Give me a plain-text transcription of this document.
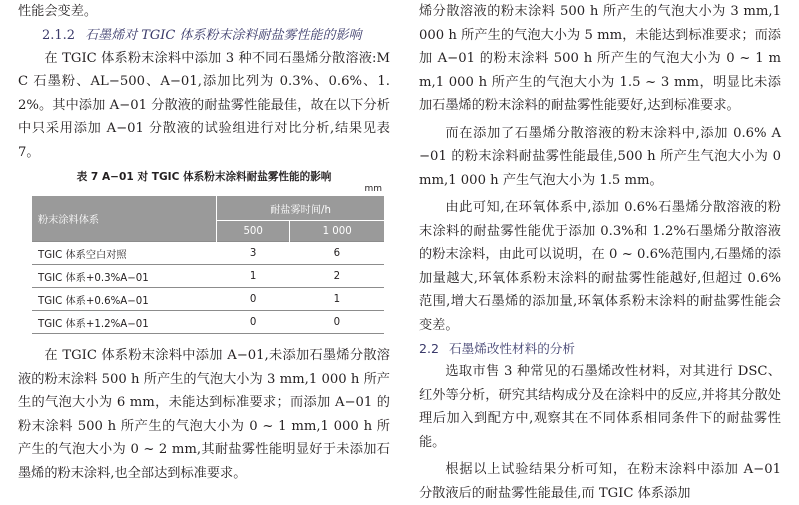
性能会变差。

2.1.2 石墨烯对 TGIC 体系粉末涂料耐盐雾性能的影响

在 TGIC 体系粉末涂料中添加 3 种不同石墨烯分散溶液:MC 石墨粉、AL−500、A−01,添加比列为 0.3%、0.6%、1.2%。其中添加 A−01 分散液的耐盐雾性能最佳，故在以下分析中只采用添加 A−01 分散液的试验组进行对比分析,结果见表 7。

表 7 A−01 对 TGIC 体系粉末涂料耐盐雾性能的影响

mm
粉末涂料体系	耐盐雾时间/h	
	500	1 000
TGIC 体系空白对照	3	6
TGIC 体系+0.3%A−01	1	2
TGIC 体系+0.6%A−01	0	1
TGIC 体系+1.2%A−01	0	0

在 TGIC 体系粉末涂料中添加 A−01,未添加石墨烯分散溶液的粉末涂料 500 h 所产生的气泡大小为 3 mm,1 000 h 所产生的气泡大小为 6 mm，未能达到标准要求；而添加 A−01 的粉末涂料 500 h 所产生的气泡大小为 0 ~ 1 mm,1 000 h 所产生的气泡大小为 0 ~ 2 mm,其耐盐雾性能明显好于未添加石墨烯的粉末涂料,也全部达到标准要求。

烯分散溶液的粉末涂料 500 h 所产生的气泡大小为 3 mm,1 000 h 所产生的气泡大小为 5 mm，未能达到标准要求；而添加 A−01 的粉末涂料 500 h 所产生的气泡大小为 0 ~ 1 mm,1 000 h 所产生的气泡大小为 1.5 ~ 3 mm，明显比未添加石墨烯的粉末涂料的耐盐雾性能要好,达到标准要求。

而在添加了石墨烯分散溶液的粉末涂料中,添加 0.6% A−01 的粉末涂料耐盐雾性能最佳,500 h 所产生气泡大小为 0 mm,1 000 h 产生气泡大小为 1.5 mm。

由此可知,在环氧体系中,添加 0.6%石墨烯分散溶液的粉末涂料的耐盐雾性能优于添加 0.3%和 1.2%石墨烯分散溶液的粉末涂料，由此可以说明，在 0 ~ 0.6%范围内,石墨烯的添加量越大,环氧体系粉末涂料的耐盐雾性能越好,但超过 0.6%范围,增大石墨烯的添加量,环氧体系粉末涂料的耐盐雾性能会变差。

2.2 石墨烯改性材料的分析

选取市售 3 种常见的石墨烯改性材料，对其进行 DSC、红外等分析，研究其结构成分及在涂料中的反应,并将其分散处理后加入到配方中,观察其在不同体系相同条件下的耐盐雾性能。

根据以上试验结果分析可知，在粉末涂料中添加 A−01 分散液后的耐盐雾性能最佳,而 TGIC 体系添加
